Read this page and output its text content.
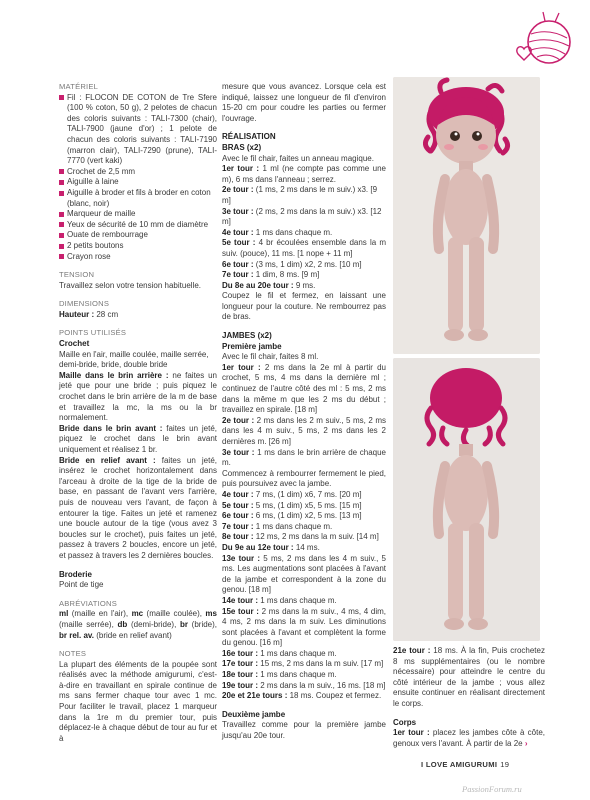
MATÉRIEL
Fil : FLOCON DE COTON de Tre Sfere (100 % coton, 50 g), 2 pelotes de chacun des coloris suivants : TALI-7300 (chair), TALI-7900 (jaune d'or) ; 1 pelote de chacun des coloris suivants : TALI-7190 (marron clair), TALI-7290 (prune), TALI-7770 (vert kaki)
Crochet de 2,5 mm
Aiguille à laine
Aiguille à broder et fils à broder en coton (blanc, noir)
Marqueur de maille
Yeux de sécurité de 10 mm de diamètre
Ouate de rembourrage
2 petits boutons
Crayon rose
TENSION
Travaillez selon votre tension habituelle.
DIMENSIONS
Hauteur : 28 cm
POINTS UTILISÉS
Crochet
Maille en l'air, maille coulée, maille serrée, demi-bride, bride, double bride
Maille dans le brin arrière : ne faites un jeté que pour une bride ; puis piquez le crochet dans le brin arrière de la m de base et travaillez la mc, la ms ou la br normalement.
Bride dans le brin avant : faites un jeté, piquez le crochet dans le brin avant uniquement et réalisez 1 br.
Bride en relief avant : faites un jeté, insérez le crochet horizontalement dans l'arceau à droite de la tige de la bride de base, en passant de l'avant vers l'arrière, puis de nouveau vers l'avant, de façon à entourer la tige. Faites un jeté et ramenez une boucle autour de la tige (vous avez 3 boucles sur le crochet), puis faites un jeté, passez à travers 2 boucles, encore un jeté, et passez à travers les 2 dernières boucles.
Broderie
Point de tige
ABRÉVIATIONS
ml (maille en l'air), mc (maille coulée), ms (maille serrée), db (demi-bride), br (bride), br rel. av. (bride en relief avant)
NOTES
La plupart des éléments de la poupée sont réalisés avec la méthode amigurumi, c'est-à-dire en travaillant en spirale continue de ms sans fermer chaque tour avec 1 mc. Pour faciliter le travail, placez 1 marqueur dans la 1re m du premier tour, puis déplacez-le à chaque début de tour au fur et à
mesure que vous avancez. Lorsque cela est indiqué, laissez une longueur de fil d'environ 15-20 cm pour coudre les parties ou fermer l'ouvrage.
RÉALISATION
BRAS (x2)
Avec le fil chair, faites un anneau magique.
1er tour : 1 ml (ne compte pas comme une m), 6 ms dans l'anneau ; serrez.
2e tour : (1 ms, 2 ms dans le m suiv.) x3. [9 m]
3e tour : (2 ms, 2 ms dans la m suiv.) x3. [12 m]
4e tour : 1 ms dans chaque m.
5e tour : 4 br écoulées ensemble dans la m suiv. (pouce), 11 ms. [1 nope + 11 m]
6e tour : (3 ms, 1 dim) x2, 2 ms. [10 m]
7e tour : 1 dim, 8 ms. [9 m]
Du 8e au 20e tour : 9 ms.
Coupez le fil et fermez, en laissant une longueur pour la couture. Ne rembourrez pas de bras.
JAMBES (x2)
Première jambe
Avec le fil chair, faites 8 ml.
1er tour : 2 ms dans la 2e ml à partir du crochet, 5 ms, 4 ms dans la dernière ml ; continuez de l'autre côté des ml : 5 ms, 2 ms dans la même m que les 2 ms du début ; travaillez en spirale. [18 m]
2e tour : 2 ms dans les 2 m suiv., 5 ms, 2 ms dans les 4 m suiv., 5 ms, 2 ms dans les 2 dernières m. [26 m]
3e tour : 1 ms dans le brin arrière de chaque m.
Commencez à rembourrer fermement le pied, puis poursuivez avec la jambe.
4e tour : 7 ms, (1 dim) x6, 7 ms. [20 m]
5e tour : 5 ms, (1 dim) x5, 5 ms. [15 m]
6e tour : 6 ms, (1 dim) x2, 5 ms. [13 m]
7e tour : 1 ms dans chaque m.
8e tour : 12 ms, 2 ms dans la m suiv. [14 m]
Du 9e au 12e tour : 14 ms.
13e tour : 5 ms, 2 ms dans les 4 m suiv., 5 ms. Les augmentations sont placées à l'avant de la jambe et correspondent à la zone du genou. [18 m]
14e tour : 1 ms dans chaque m.
15e tour : 2 ms dans la m suiv., 4 ms, 4 dim, 4 ms, 2 ms dans la m suiv. Les diminutions sont placées à l'avant et complètent la forme du genou. [16 m]
16e tour : 1 ms dans chaque m.
17e tour : 15 ms, 2 ms dans la m suiv. [17 m]
18e tour : 1 ms dans chaque m.
19e tour : 2 ms dans la m suiv., 16 ms. [18 m]
20e et 21e tours : 18 ms. Coupez et fermez.
Deuxième jambe
Travaillez comme pour la première jambe jusqu'au 20e tour.
21e tour : 18 ms. À la fin, Puis crochetez 8 ms supplémentaires (ou le nombre nécessaire) pour atteindre le centre du côté intérieur de la jambe ; vous allez ensuite continuer en réalisant directement le corps.
Corps
1er tour : placez les jambes côte à côte, genoux vers l'avant. À partir de la 2e ›
I LOVE AMIGURUMI 19
PassionForum.ru
